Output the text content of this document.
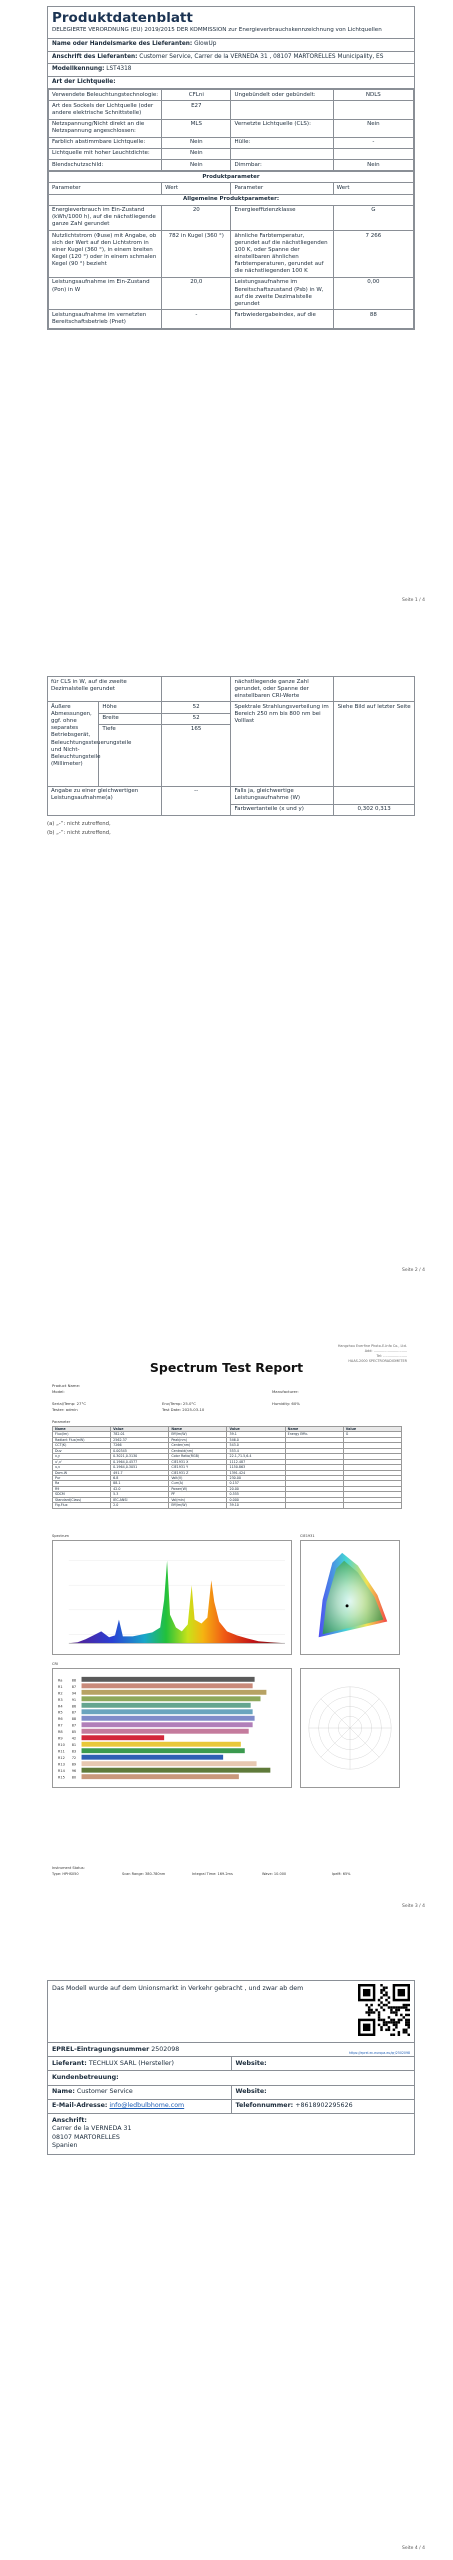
Produktdatenblatt
DELEGIERTE VERORDNUNG (EU) 2019/2015 DER KOMMISSION zur Energieverbrauchskennzeichnung von Lichtquellen
Name oder Handelsmarke des Lieferanten: GlowUp
Anschrift des Lieferanten: Customer Service, Carrer de la VERNEDA 31 , 08107 MARTORELLES Municipality, ES
Modellkennung: LST4318
Art der Lichtquelle:
Verwendete Beleuchtungstechnologie:	CFLni	Ungebündelt oder gebündelt:	NDLS
Art des Sockels der Lichtquelle (oder andere elektrische Schnittstelle)	E27		
Netzspannung/Nicht direkt an die Netzspannung angeschlossen:	MLS	Vernetzte Lichtquelle (CLS):	Nein
Farblich abstimmbare Lichtquelle:	Nein	Hülle:	-
Lichtquelle mit hoher Leuchtdichte:	Nein		
Blendschutzschild:	Nein	Dimmbar:	Nein
Produktparameter			
Parameter	Wert	Parameter	Wert
Allgemeine Produktparameter:			
Energieverbrauch im Ein-Zustand (kWh/1000 h), auf die nächstliegende ganze Zahl gerundet	20	Energieeffizienzklasse	G
Nutzlichtstrom (Φuse) mit Angabe, ob sich der Wert auf den Lichtstrom in einer Kugel (360 °), in einem breiten Kegel (120 °) oder in einem schmalen Kegel (90 °) bezieht	782 in Kugel (360 °)	ähnliche Farbtemperatur, gerundet auf die nächstliegenden 100 K, oder Spanne der einstellbaren ähnlichen Farbtemperaturen, gerundet auf die nächstliegenden 100 K	7 266
Leistungsaufnahme im Ein-Zustand (Pon) in W	20,0	Leistungsaufnahme im Bereitschaftszustand (Psb) in W, auf die zweite Dezimalstelle gerundet	0,00
Leistungsaufnahme im vernetzten Bereitschaftsbetrieb (Pnet)	-	Farbwiedergabeindex, auf die	88
Seite 1 / 4
für CLS in W, auf die zweite Dezimalstelle gerundet			nächstliegende ganze Zahl gerundet, oder Spanne der einstellbaren CRI-Werte	
Äußere Abmessungen, ggf. ohne separates Betriebsgerät, Beleuchtungssteuerungsteile und Nicht-Beleuchtungsteile (Millimeter)	Höhe	52	Spektrale Strahlungsverteilung im Bereich 250 nm bis 800 nm bei Volllast	Siehe Bild auf letzter Seite
	Breite	52		
	Tiefe	165		
Angabe zu einer gleichwertigen Leistungsaufnahme(a)		--	Falls ja, gleichwertige Leistungsaufnahme (W)	
			Farbwertanteile (x und y)	0,302 0,313
(a) „-“: nicht zutreffend,
(b) „-“: nicht zutreffend,
Seite 2 / 4
Hangzhou Everfine Photo-E-Info Co., Ltd.
Add: ...............................
Tel: ......................
HAAS-2000 SPECTRORADIOMETER
Spectrum Test Report
Product Name:
Model:	Manufacturer:
Serial/Temp: 27°C	Env/Temp: 25.0°C	Humidity: 60%
Tester: admin	Test Date: 2025-03-10
Parameter
Name	Value	Name	Value	Name	Value
Flux(lm)	782.01	Eff(lm/W)	39.1	Energy Effic.	G
Radiant Flux(mW)	2562.37	Peak(nm)	546.0		
CCT(K)	7266	Center(nm)	543.0		
Duv	0.00345	Centroid(nm)	553.4		
x,y	0.3021,0.3130	Color Ratio(RGB)	22.1,71.5,6.4		
u',v'	0.1964,0.4577	CIE1931 X	1112.487		
u,v	0.1964,0.3051	CIE1931 Y	1150.863		
Dom.W	491.7	CIE1931 Z	1391.424		
Pur	6.8	Volt(V)	230.00		
Ra	88.1	Curr(A)	0.157		
R9	42.0	Power(W)	20.00		
SDCM	5.3	PF	0.555		
Standard(Class)	IEC-ANSI	Vol(min)	0.000		
Fig.Flux	2.0	Eff(lm/W)	39.10		
Spectrum	CIE1931
CRI
Ra	88
R1	87
R2	94
R3	91
R4	86
R5	87
R6	88
R7	87
R8	85
R9	42
R10 81
R11 83
R12 72
R13 89
R14 96
R15 80
Instrument Status:
Type: HPHS050	Scan Range: 380-780nm	Integral Time: 169.2ms	Wave: 10.000	IpeM: 65%
Seite 3 / 4
Das Modell wurde auf dem Unionsmarkt in Verkehr gebracht , und zwar ab dem
https://eprel.ec.europa.eu/qr/2502098
EPREL-Eintragungsnummer 2502098
Lieferant: TECHLUX SARL (Hersteller)	Website:
Kundenbetreuung:
Name: Customer Service	Website:
E-Mail-Adresse: info@ledbulbhome.com	Telefonnummer: +861890229562​6
Anschrift:
Carrer de la VERNEDA 31
08107 MARTORELLES
Spanien
Seite 4 / 4
